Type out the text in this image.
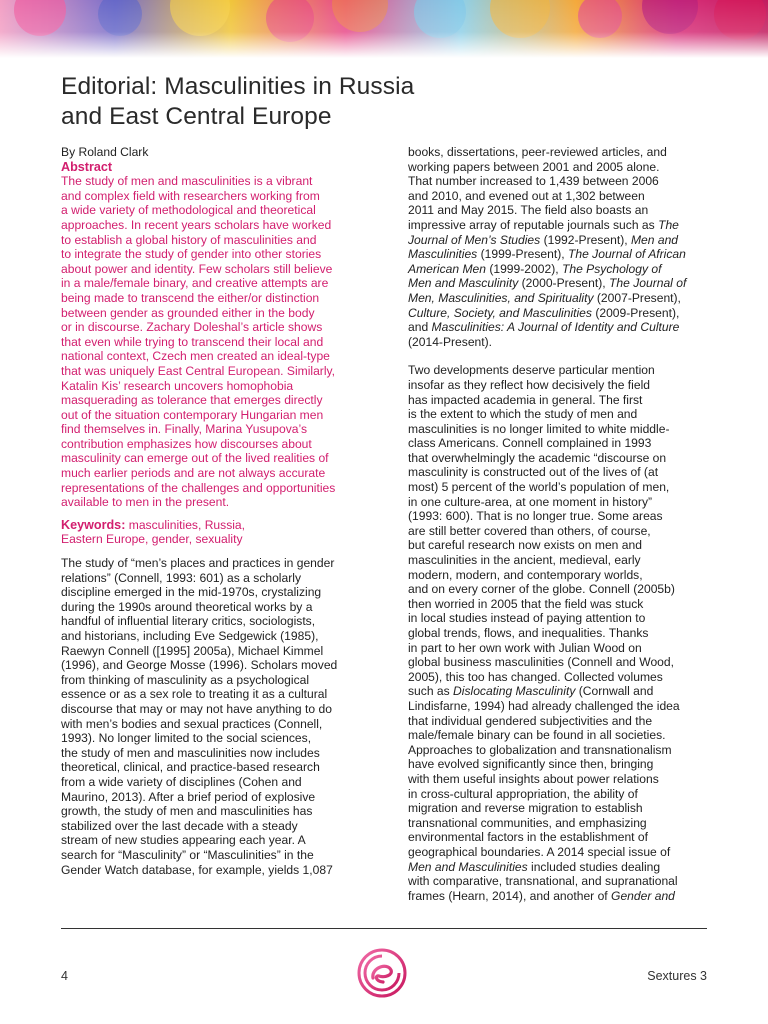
Editorial: Masculinities in Russia
and East Central Europe

By Roland Clark

Abstract

The study of men and masculinities is a vibrant
and complex field with researchers working from
a wide variety of methodological and theoretical
approaches. In recent years scholars have worked
to establish a global history of masculinities and
to integrate the study of gender into other stories
about power and identity. Few scholars still believe
in a male/female binary, and creative attempts are
being made to transcend the either/or distinction
between gender as grounded either in the body
or in discourse. Zachary Doleshal’s article shows
that even while trying to transcend their local and
national context, Czech men created an ideal-type
that was uniquely East Central European. Similarly,
Katalin Kis’ research uncovers homophobia
masquerading as tolerance that emerges directly
out of the situation contemporary Hungarian men
find themselves in. Finally, Marina Yusupova’s
contribution emphasizes how discourses about
masculinity can emerge out of the lived realities of
much earlier periods and are not always accurate
representations of the challenges and opportunities
available to men in the present.
Keywords: masculinities, Russia,
Eastern Europe, gender, sexuality
The study of “men’s places and practices in gender
relations” (Connell, 1993: 601) as a scholarly
discipline emerged in the mid-1970s, crystalizing
during the 1990s around theoretical works by a
handful of influential literary critics, sociologists,
and historians, including Eve Sedgewick (1985),
Raewyn Connell ([1995] 2005a), Michael Kimmel
(1996), and George Mosse (1996). Scholars moved
from thinking of masculinity as a psychological
essence or as a sex role to treating it as a cultural
discourse that may or may not have anything to do
with men’s bodies and sexual practices (Connell,
1993). No longer limited to the social sciences,
the study of men and masculinities now includes
theoretical, clinical, and practice-based research
from a wide variety of disciplines (Cohen and
Maurino, 2013). After a brief period of explosive
growth, the study of men and masculinities has
stabilized over the last decade with a steady
stream of new studies appearing each year. A
search for “Masculinity” or “Masculinities” in the
Gender Watch database, for example, yields 1,087
books, dissertations, peer-reviewed articles, and
working papers between 2001 and 2005 alone.
That number increased to 1,439 between 2006
and 2010, and evened out at 1,302 between
2011 and May 2015. The field also boasts an
impressive array of reputable journals such as The
Journal of Men’s Studies (1992-Present), Men and
Masculinities (1999-Present), The Journal of African
American Men (1999-2002), The Psychology of
Men and Masculinity (2000-Present), The Journal of
Men, Masculinities, and Spirituality (2007-Present),
Culture, Society, and Masculinities (2009-Present),
and Masculinities: A Journal of Identity and Culture
(2014-Present).
Two developments deserve particular mention
insofar as they reflect how decisively the field
has impacted academia in general. The first
is the extent to which the study of men and
masculinities is no longer limited to white middle-
class Americans. Connell complained in 1993
that overwhelmingly the academic “discourse on
masculinity is constructed out of the lives of (at
most) 5 percent of the world’s population of men,
in one culture-area, at one moment in history”
(1993: 600). That is no longer true. Some areas
are still better covered than others, of course,
but careful research now exists on men and
masculinities in the ancient, medieval, early
modern, modern, and contemporary worlds,
and on every corner of the globe. Connell (2005b)
then worried in 2005 that the field was stuck
in local studies instead of paying attention to
global trends, flows, and inequalities. Thanks
in part to her own work with Julian Wood on
global business masculinities (Connell and Wood,
2005), this too has changed. Collected volumes
such as Dislocating Masculinity (Cornwall and
Lindisfarne, 1994) had already challenged the idea
that individual gendered subjectivities and the
male/female binary can be found in all societies.
Approaches to globalization and transnationalism
have evolved significantly since then, bringing
with them useful insights about power relations
in cross-cultural appropriation, the ability of
migration and reverse migration to establish
transnational communities, and emphasizing
environmental factors in the establishment of
geographical boundaries. A 2014 special issue of
Men and Masculinities included studies dealing
with comparative, transnational, and supranational
frames (Hearn, 2014), and another of Gender and
4	Sextures 3
